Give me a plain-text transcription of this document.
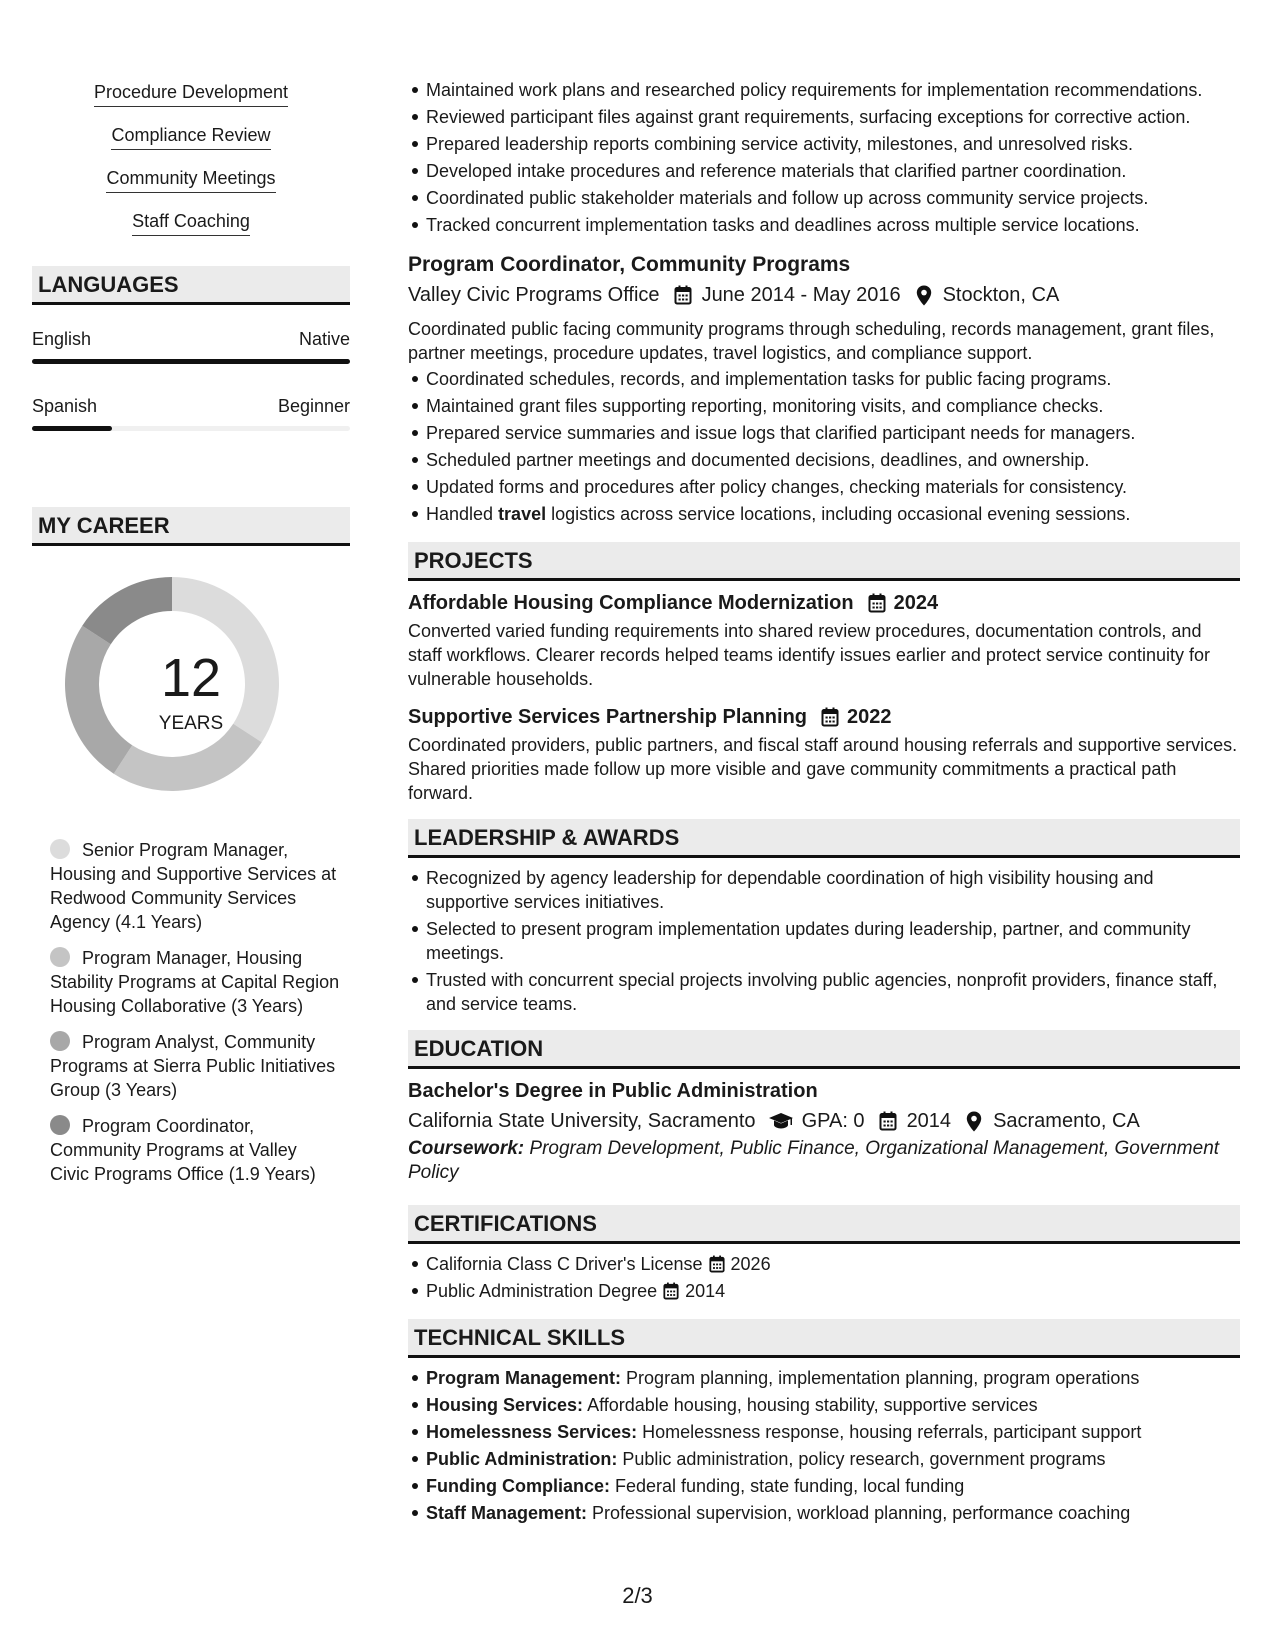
Procedure Development
Compliance Review
Community Meetings
Staff Coaching
LANGUAGES
English	Native
Spanish	Beginner
MY CAREER
12
YEARS
Senior Program Manager, Housing and Supportive Services at Redwood Community Services Agency (4.1 Years)
Program Manager, Housing Stability Programs at Capital Region Housing Collaborative (3 Years)
Program Analyst, Community Programs at Sierra Public Initiatives Group (3 Years)
Program Coordinator, Community Programs at Valley Civic Programs Office (1.9 Years)
Maintained work plans and researched policy requirements for implementation recommendations.
Reviewed participant files against grant requirements, surfacing exceptions for corrective action.
Prepared leadership reports combining service activity, milestones, and unresolved risks.
Developed intake procedures and reference materials that clarified partner coordination.
Coordinated public stakeholder materials and follow up across community service projects.
Tracked concurrent implementation tasks and deadlines across multiple service locations.
Program Coordinator, Community Programs
Valley Civic Programs Office June 2014 - May 2016 Stockton, CA
Coordinated public facing community programs through scheduling, records management, grant files, partner meetings, procedure updates, travel logistics, and compliance support.
Coordinated schedules, records, and implementation tasks for public facing programs.
Maintained grant files supporting reporting, monitoring visits, and compliance checks.
Prepared service summaries and issue logs that clarified participant needs for managers.
Scheduled partner meetings and documented decisions, deadlines, and ownership.
Updated forms and procedures after policy changes, checking materials for consistency.
Handled travel logistics across service locations, including occasional evening sessions.
PROJECTS
Affordable Housing Compliance Modernization 2024
Converted varied funding requirements into shared review procedures, documentation controls, and staff workflows. Clearer records helped teams identify issues earlier and protect service continuity for vulnerable households.
Supportive Services Partnership Planning 2022
Coordinated providers, public partners, and fiscal staff around housing referrals and supportive services. Shared priorities made follow up more visible and gave community commitments a practical path forward.
LEADERSHIP & AWARDS
Recognized by agency leadership for dependable coordination of high visibility housing and supportive services initiatives.
Selected to present program implementation updates during leadership, partner, and community meetings.
Trusted with concurrent special projects involving public agencies, nonprofit providers, finance staff, and service teams.
EDUCATION
Bachelor's Degree in Public Administration
California State University, Sacramento GPA: 0 2014 Sacramento, CA
Coursework: Program Development, Public Finance, Organizational Management, Government Policy
CERTIFICATIONS
California Class C Driver's License 2026
Public Administration Degree 2014
TECHNICAL SKILLS
Program Management: Program planning, implementation planning, program operations
Housing Services: Affordable housing, housing stability, supportive services
Homelessness Services: Homelessness response, housing referrals, participant support
Public Administration: Public administration, policy research, government programs
Funding Compliance: Federal funding, state funding, local funding
Staff Management: Professional supervision, workload planning, performance coaching
2/3
